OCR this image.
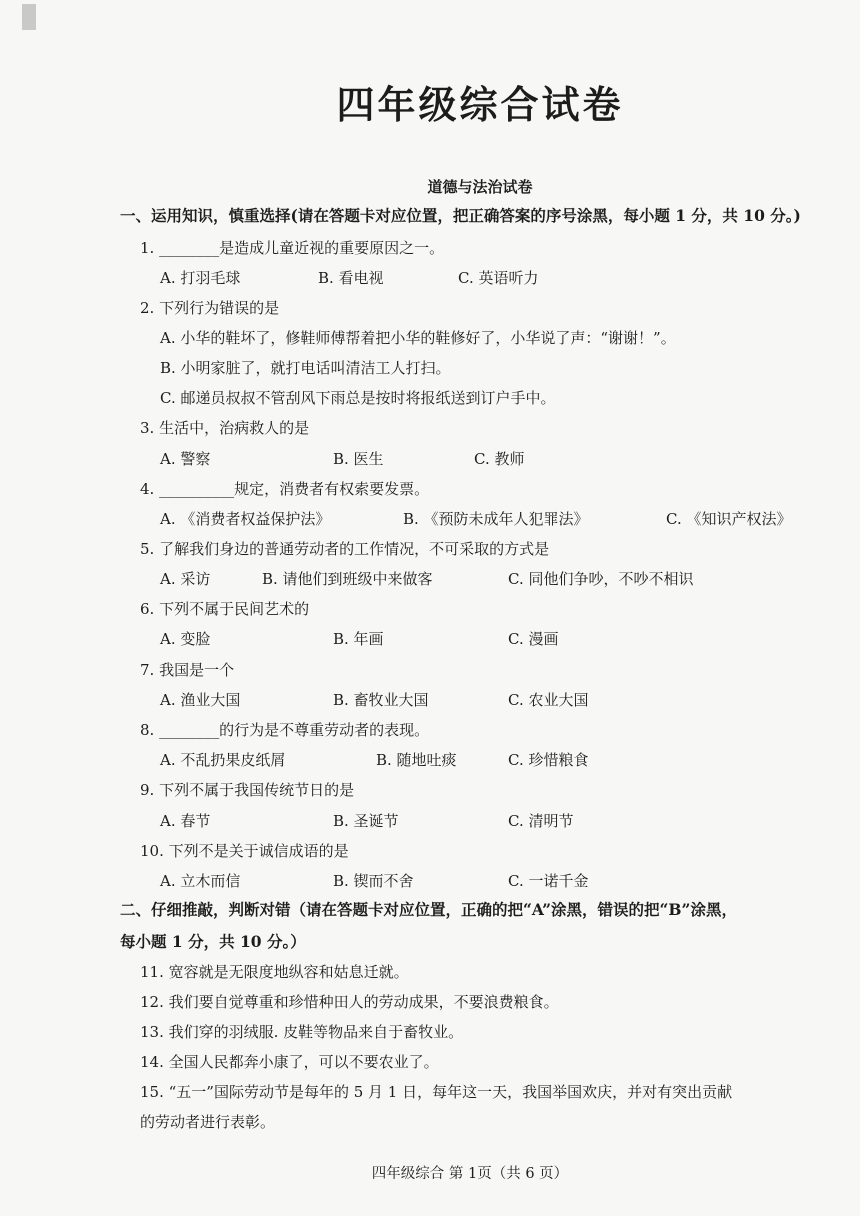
四年级综合试卷
道德与法治试卷
一、运用知识，慎重选择(请在答题卡对应位置，把正确答案的序号涂黑，每小题 1 分，共 10 分。)
1. ________是造成儿童近视的重要原因之一。
A. 打羽毛球	B. 看电视	C. 英语听力
2. 下列行为错误的是
A. 小华的鞋坏了，修鞋师傅帮着把小华的鞋修好了，小华说了声：“谢谢！”。
B. 小明家脏了，就打电话叫清洁工人打扫。
C. 邮递员叔叔不管刮风下雨总是按时将报纸送到订户手中。
3. 生活中，治病救人的是
A. 警察	B. 医生	C. 教师
4. __________规定，消费者有权索要发票。
A. 《消费者权益保护法》	B. 《预防未成年人犯罪法》	C. 《知识产权法》
5. 了解我们身边的普通劳动者的工作情况，不可采取的方式是
A. 采访	B. 请他们到班级中来做客	C. 同他们争吵，不吵不相识
6. 下列不属于民间艺术的
A. 变脸	B. 年画	C. 漫画
7. 我国是一个
A. 渔业大国	B. 畜牧业大国	C. 农业大国
8. ________的行为是不尊重劳动者的表现。
A. 不乱扔果皮纸屑	B. 随地吐痰	C. 珍惜粮食
9. 下列不属于我国传统节日的是
A. 春节	B. 圣诞节	C. 清明节
10. 下列不是关于诚信成语的是
A. 立木而信	B. 锲而不舍	C. 一诺千金
二、仔细推敲，判断对错（请在答题卡对应位置，正确的把“A”涂黑，错误的把“B”涂黑，
每小题 1 分，共 10 分。）
11. 宽容就是无限度地纵容和姑息迁就。
12. 我们要自觉尊重和珍惜种田人的劳动成果，不要浪费粮食。
13. 我们穿的羽绒服. 皮鞋等物品来自于畜牧业。
14. 全国人民都奔小康了，可以不要农业了。
15. “五一”国际劳动节是每年的 5 月 1 日，每年这一天，我国举国欢庆，并对有突出贡献
的劳动者进行表彰。
四年级综合 第 1页（共 6 页）
